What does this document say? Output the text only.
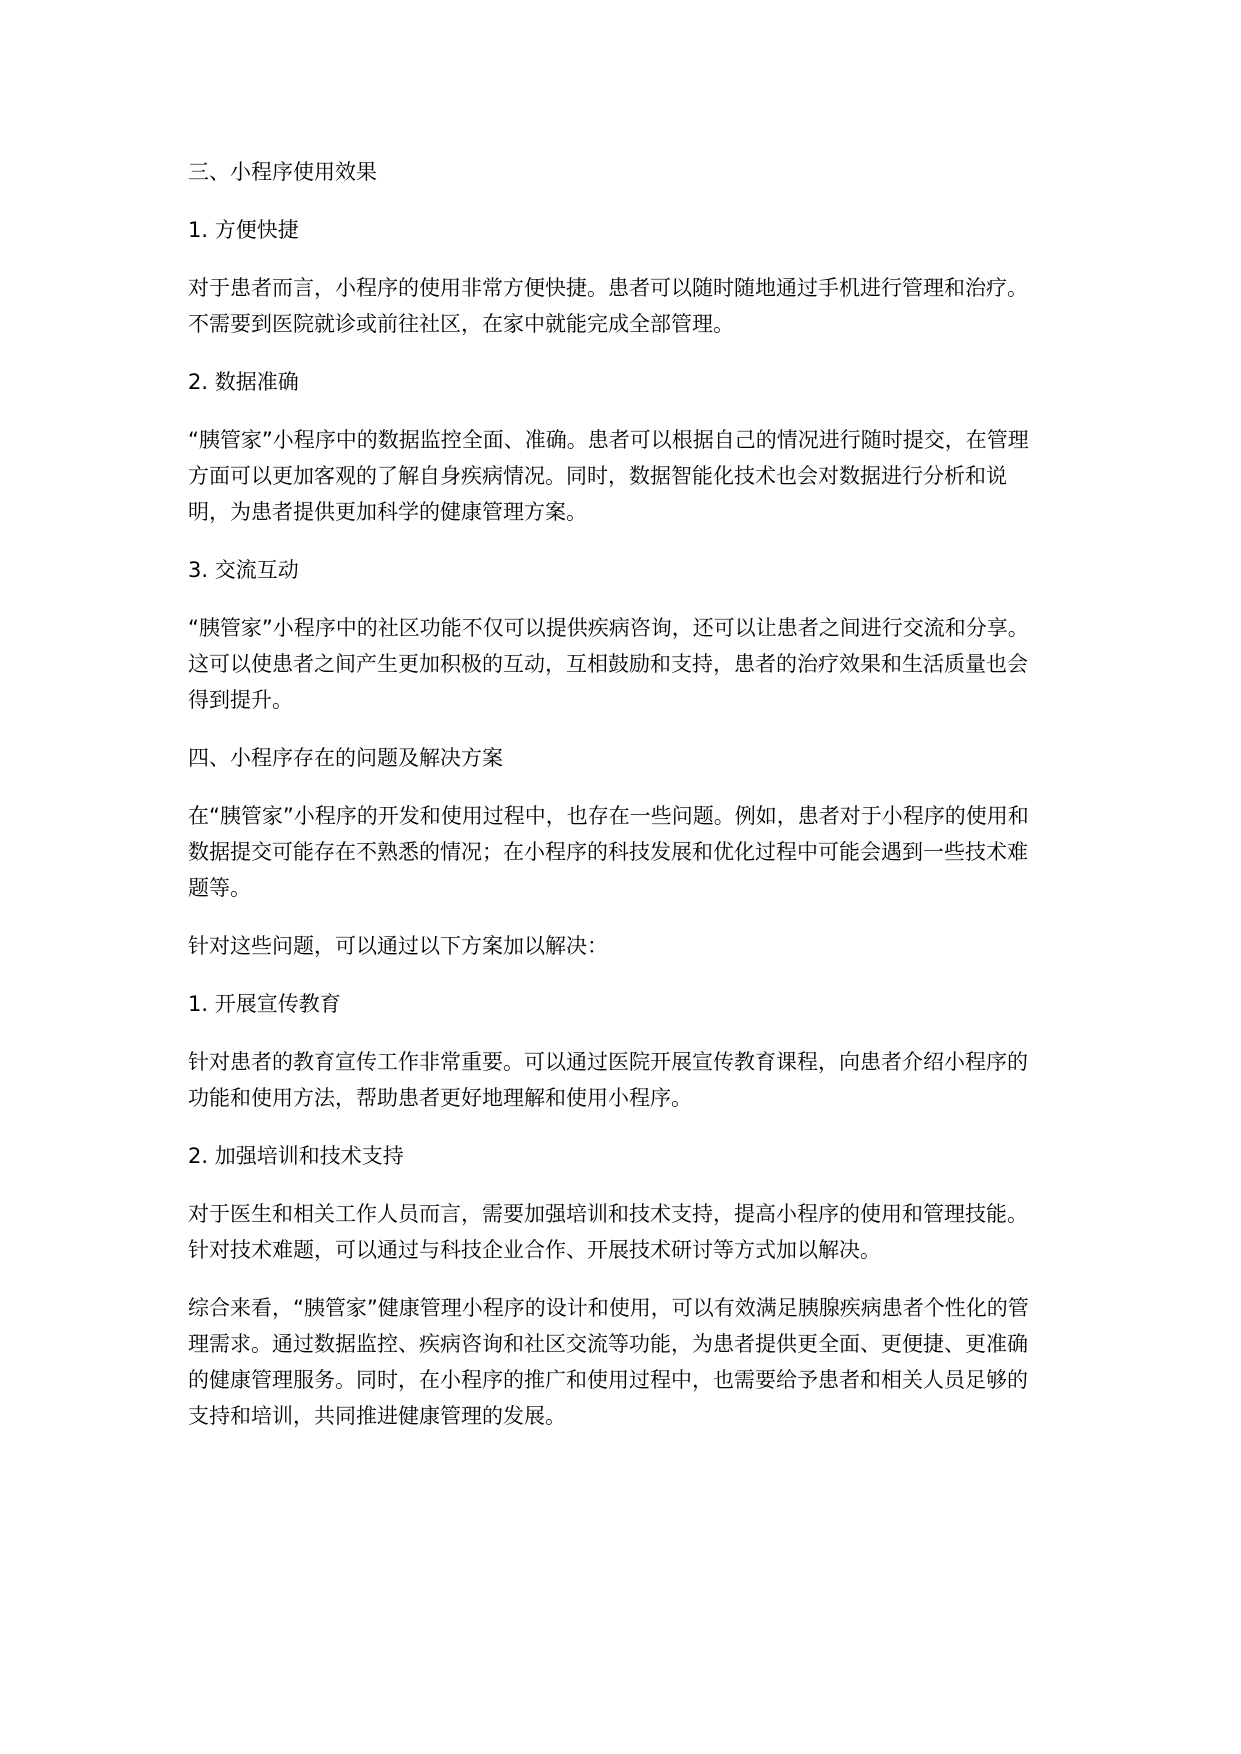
三、小程序使用效果

1. 方便快捷

对于患者而言，小程序的使用非常方便快捷。患者可以随时随地通过手机进行管理和治疗。不需要到医院就诊或前往社区，在家中就能完成全部管理。

2. 数据准确

“胰管家”小程序中的数据监控全面、准确。患者可以根据自己的情况进行随时提交，在管理方面可以更加客观的了解自身疾病情况。同时，数据智能化技术也会对数据进行分析和说明，为患者提供更加科学的健康管理方案。

3. 交流互动

“胰管家”小程序中的社区功能不仅可以提供疾病咨询，还可以让患者之间进行交流和分享。这可以使患者之间产生更加积极的互动，互相鼓励和支持，患者的治疗效果和生活质量也会得到提升。

四、小程序存在的问题及解决方案

在“胰管家”小程序的开发和使用过程中，也存在一些问题。例如，患者对于小程序的使用和数据提交可能存在不熟悉的情况；在小程序的科技发展和优化过程中可能会遇到一些技术难题等。

针对这些问题，可以通过以下方案加以解决：

1. 开展宣传教育

针对患者的教育宣传工作非常重要。可以通过医院开展宣传教育课程，向患者介绍小程序的功能和使用方法，帮助患者更好地理解和使用小程序。

2. 加强培训和技术支持

对于医生和相关工作人员而言，需要加强培训和技术支持，提高小程序的使用和管理技能。针对技术难题，可以通过与科技企业合作、开展技术研讨等方式加以解决。

综合来看，“胰管家”健康管理小程序的设计和使用，可以有效满足胰腺疾病患者个性化的管理需求。通过数据监控、疾病咨询和社区交流等功能，为患者提供更全面、更便捷、更准确的健康管理服务。同时，在小程序的推广和使用过程中，也需要给予患者和相关人员足够的支持和培训，共同推进健康管理的发展。
